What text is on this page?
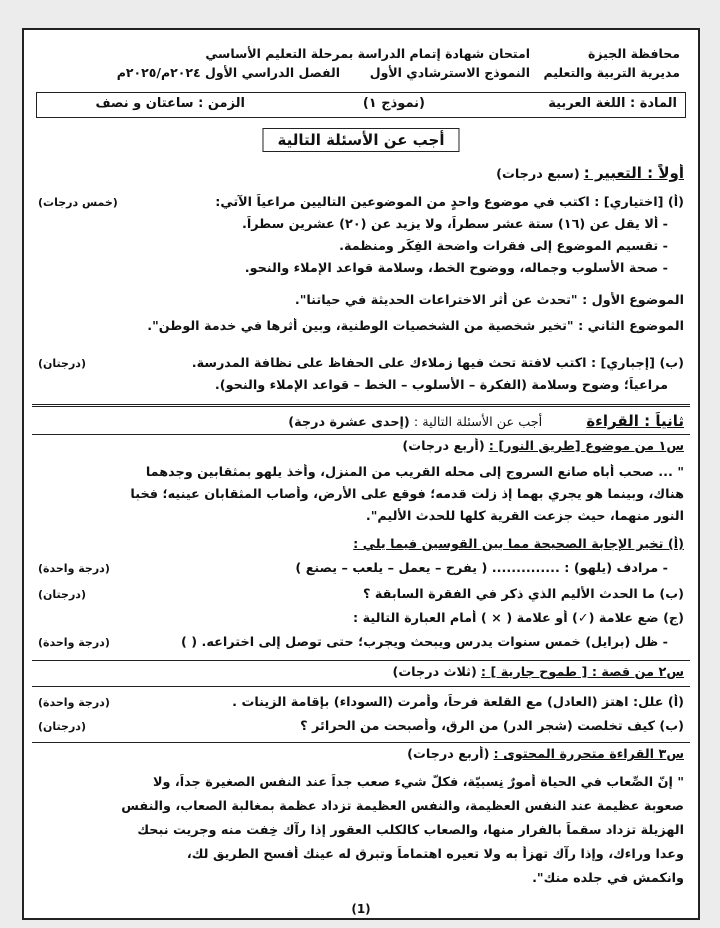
محافظة الجيزة
مديرية التربية والتعليم
امتحان شهادة إتمام الدراسة بمرحلة التعليم الأساسي
النموذج الاسترشادي الأول
الفصل الدراسي الأول ٢٠٢٤م/٢٠٢٥م
المادة : اللغة العربية
(نموذج ١)
الزمن : ساعتان و نصف
أجب عن الأسئلة التالية
أولاً : التعبير : (سبع درجات)
(أ) [اختياري] : اكتب في موضوع واحدٍ من الموضوعين التاليين مراعياً الآتي:
(خمس درجات)
- ألا يقل عن (١٦) ستة عشر سطراً، ولا يزيد عن (٢٠) عشرين سطراً.
- تقسيم الموضوع إلى فقرات واضحة الفِكَر ومنظمة.
- صحة الأسلوب وجماله، ووضوح الخط، وسلامة قواعد الإملاء والنحو.
الموضوع الأول : "تحدث عن أثر الاختراعات الحديثة في حياتنا".
الموضوع الثاني : "تخير شخصية من الشخصيات الوطنية، وبين أثرها في خدمة الوطن".
(ب) [إجباري] : اكتب لافتة تحث فيها زملاءك على الحفاظ على نظافة المدرسة.
(درجتان)
مراعياً؛ وضوح وسلامة (الفكرة – الأسلوب – الخط – قواعد الإملاء والنحو).
ثانياً : القراءة أجب عن الأسئلة التالية : (إحدى عشرة درجة)
س١ من موضوع [طريق النور] : (أربع درجات)
" ... صحب أباه صانع السروج إلى محله القريب من المنزل، وأخذ يلهو بمثقابين وجدهما
هناك، وبينما هو يجري بهما إذ زلت قدمه؛ فوقع على الأرض، وأصاب المثقابان عينيه؛ فخبا
النور منهما، حيث جزعت القرية كلها للحدث الأليم".
(أ) تخير الإجابة الصحيحة مما بين القوسين فيما يلي :
- مرادف (يلهو) : .............. ( يفرح – يعمل – يلعب – يصنع )
(درجة واحدة)
(ب) ما الحدث الأليم الذي ذكر في الفقرة السابقة ؟
(درجتان)
(ج) ضع علامة (✓) أو علامة ( × ) أمام العبارة التالية :
- ظل (برايل) خمس سنوات يدرس ويبحث ويجرب؛ حتى توصل إلى اختراعه. ( )
(درجة واحدة)
س٢ من قصة : [ طموح جارية ] : (ثلاث درجات)
(أ) علل: اهتز (العادل) مع القلعة فرحاً، وأمرت (السوداء) بإقامة الزينات .
(درجة واحدة)
(ب) كيف تخلصت (شجر الدر) من الرق، وأصبحت من الحرائر ؟
(درجتان)
س٣ القراءة متحررة المحتوى : (أربع درجات)
" إنّ الصِّعاب في الحياة أمورٌ نِسبيّة، فكلّ شيء صعب جداً عند النفس الصغيرة جداً، ولا
صعوبة عظيمة عند النفس العظيمة، والنفس العظيمة تزداد عظمة بمغالبة الصعاب، والنفس
الهزيلة تزداد سقماً بالفرار منها، والصعاب كالكلب العقور إذا رآك خِفت منه وجريت نبحك
وعدا وراءك، وإذا رآك تهزأ به ولا تعيره اهتماماً وتبرق له عينك أفسح الطريق لك،
وانكمش في جلده منك".
(1)
